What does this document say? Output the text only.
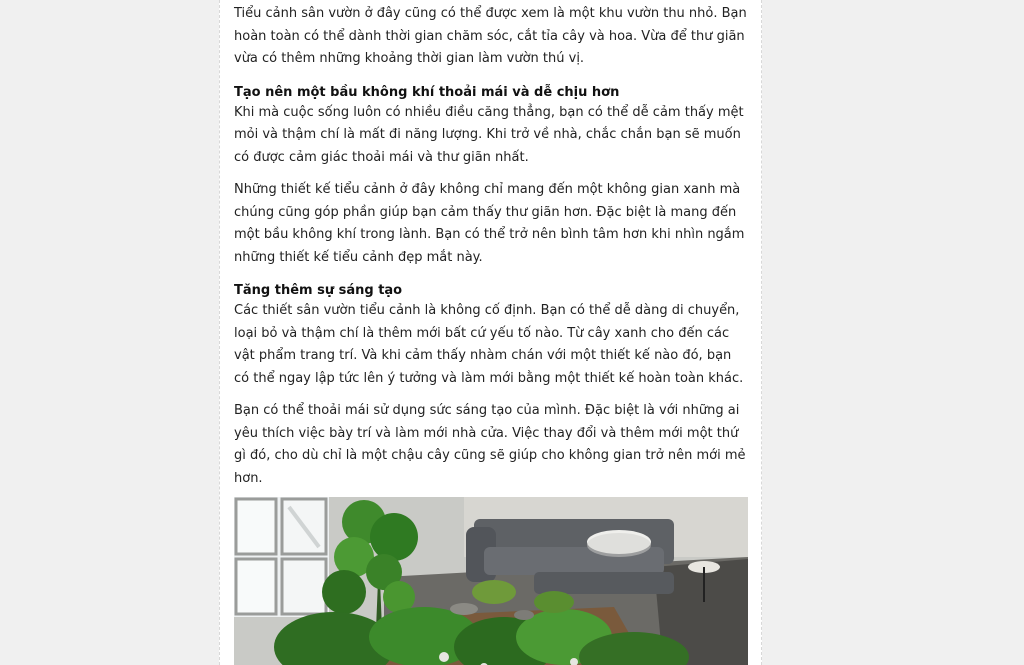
Tiểu cảnh sân vườn ở đây cũng có thể được xem là một khu vườn thu nhỏ. Bạn hoàn toàn có thể dành thời gian chăm sóc, cắt tỉa cây và hoa. Vừa để thư giãn vừa có thêm những khoảng thời gian làm vườn thú vị.

Tạo nên một bầu không khí thoải mái và dễ chịu hơn

Khi mà cuộc sống luôn có nhiều điều căng thẳng, bạn có thể dễ cảm thấy mệt mỏi và thậm chí là mất đi năng lượng. Khi trở về nhà, chắc chắn bạn sẽ muốn có được cảm giác thoải mái và thư giãn nhất.

Những thiết kế tiểu cảnh ở đây không chỉ mang đến một không gian xanh mà chúng cũng góp phần giúp bạn cảm thấy thư giãn hơn. Đặc biệt là mang đến một bầu không khí trong lành. Bạn có thể trở nên bình tâm hơn khi nhìn ngắm những thiết kế tiểu cảnh đẹp mắt này.

Tăng thêm sự sáng tạo

Các thiết sân vườn tiểu cảnh là không cố định. Bạn có thể dễ dàng di chuyển, loại bỏ và thậm chí là thêm mới bất cứ yếu tố nào. Từ cây xanh cho đến các vật phẩm trang trí. Và khi cảm thấy nhàm chán với một thiết kế nào đó, bạn có thể ngay lập tức lên ý tưởng và làm mới bằng một thiết kế hoàn toàn khác.

Bạn có thể thoải mái sử dụng sức sáng tạo của mình. Đặc biệt là với những ai yêu thích việc bày trí và làm mới nhà cửa. Việc thay đổi và thêm mới một thứ gì đó, cho dù chỉ là một chậu cây cũng sẽ giúp cho không gian trở nên mới mẻ hơn.
